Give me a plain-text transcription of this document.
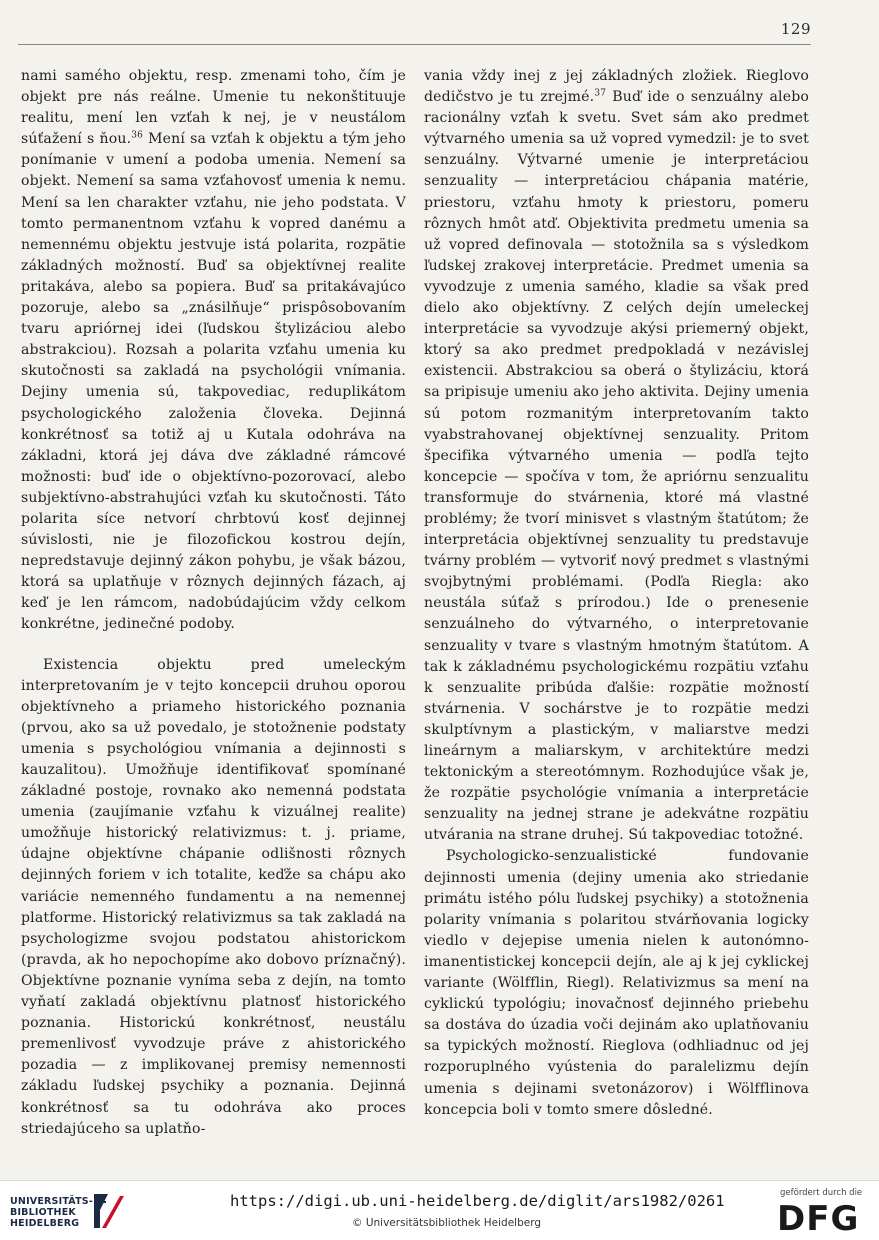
129

nami samého objektu, resp. zmenami toho, čím je objekt pre nás reálne. Umenie tu nekonštituuje realitu, mení len vzťah k nej, je v neustálom súťažení s ňou.$^{36}$ Mení sa vzťah k objektu a tým jeho ponímanie v umení a podoba umenia. Nemení sa objekt. Nemení sa sama vzťahovosť umenia k nemu. Mení sa len charakter vzťahu, nie jeho podstata. V tomto permanentnom vzťahu k vopred danému a nemennému objektu jestvuje istá polarita, rozpätie základných možností. Buď sa objektívnej realite pritakáva, alebo sa popiera. Buď sa pritakávajúco pozoruje, alebo sa „znásilňuje“ prispôsobovaním tvaru apriórnej idei (ľudskou štylizáciou alebo abstrakciou). Rozsah a polarita vzťahu umenia ku skutočnosti sa zakladá na psychológii vnímania. Dejiny umenia sú, takpovediac, reduplikátom psychologického založenia človeka. Dejinná konkrétnosť sa totiž aj u Kutala odohráva na základni, ktorá jej dáva dve základné rámcové možnosti: buď ide o objektívno-pozorovací, alebo subjektívno-abstrahujúci vzťah ku skutočnosti. Táto polarita síce netvorí chrbtovú kosť dejinnej súvislosti, nie je filozofickou kostrou dejín, nepredstavuje dejinný zákon pohybu, je však bázou, ktorá sa uplatňuje v rôznych dejinných fázach, aj keď je len rámcom, nadobúdajúcim vždy celkom konkrétne, jedinečné podoby.

Existencia objektu pred umeleckým interpretovaním je v tejto koncepcii druhou oporou objektívneho a priameho historického poznania (prvou, ako sa už povedalo, je stotožnenie podstaty umenia s psychológiou vnímania a dejinnosti s kauzalitou). Umožňuje identifikovať spomínané základné postoje, rovnako ako nemenná podstata umenia (zaujímanie vzťahu k vizuálnej realite) umožňuje historický relativizmus: t. j. priame, údajne objektívne chápanie odlišnosti rôznych dejinných foriem v ich totalite, keďže sa chápu ako variácie nemenného fundamentu a na nemennej platforme. Historický relativizmus sa tak zakladá na psychologizme svojou podstatou ahistorickom (pravda, ak ho nepochopíme ako dobovo príznačný). Objektívne poznanie vyníma seba z dejín, na tomto vyňatí zakladá objektívnu platnosť historického poznania. Historickú konkrétnosť, neustálu premenlivosť vyvodzuje práve z ahistorického pozadia — z implikovanej premisy nemennosti základu ľudskej psychiky a poznania. Dejinná konkrétnosť sa tu odohráva ako proces striedajúceho sa uplatňo-

vania vždy inej z jej základných zložiek. Rieglovo dedičstvo je tu zrejmé.$^{37}$ Buď ide o senzuálny alebo racionálny vzťah k svetu. Svet sám ako predmet výtvarného umenia sa už vopred vymedzil: je to svet senzuálny. Výtvarné umenie je interpretáciou senzuality — interpretáciou chápania matérie, priestoru, vzťahu hmoty k priestoru, pomeru rôznych hmôt atď. Objektivita predmetu umenia sa už vopred definovala — stotožnila sa s výsledkom ľudskej zrakovej interpretácie. Predmet umenia sa vyvodzuje z umenia samého, kladie sa však pred dielo ako objektívny. Z celých dejín umeleckej interpretácie sa vyvodzuje akýsi priemerný objekt, ktorý sa ako predmet predpokladá v nezávislej existencii. Abstrakciou sa oberá o štylizáciu, ktorá sa pripisuje umeniu ako jeho aktivita. Dejiny umenia sú potom rozmanitým interpretovaním takto vyabstrahovanej objektívnej senzuality. Pritom špecifika výtvarného umenia — podľa tejto koncepcie — spočíva v tom, že apriórnu senzualitu transformuje do stvárnenia, ktoré má vlastné problémy; že tvorí minisvet s vlastným štatútom; že interpretácia objektívnej senzuality tu predstavuje tvárny problém — vytvoriť nový predmet s vlastnými svojbytnými problémami. (Podľa Riegla: ako neustála súťaž s prírodou.) Ide o prenesenie senzuálneho do výtvarného, o interpretovanie senzuality v tvare s vlastným hmotným štatútom. A tak k základnému psychologickému rozpätiu vzťahu k senzualite pribúda ďalšie: rozpätie možností stvárnenia. V sochárstve je to rozpätie medzi skulptívnym a plastickým, v maliarstve medzi lineárnym a maliarskym, v architektúre medzi tektonickým a stereotómnym. Rozhodujúce však je, že rozpätie psychológie vnímania a interpretácie senzuality na jednej strane je adekvátne rozpätiu utvárania na strane druhej. Sú takpovediac totožné.

Psychologicko-senzualistické fundovanie dejinnosti umenia (dejiny umenia ako striedanie primátu istého pólu ľudskej psychiky) a stotožnenia polarity vnímania s polaritou stvárňovania logicky viedlo v dejepise umenia nielen k autonómno-imanentistickej koncepcii dejín, ale aj k jej cyklickej variante (Wölfflin, Riegl). Relativizmus sa mení na cyklickú typológiu; inovačnosť dejinného priebehu sa dostáva do úzadia voči dejinám ako uplatňovaniu sa typických možností. Rieglova (odhliadnuc od jej rozporuplného vyústenia do paralelizmu dejín umenia s dejinami svetonázorov) i Wölfflinova koncepcia boli v tomto smere dôsledné.

UNIVERSITÄTS-
BIBLIOTHEK
HEIDELBERG
https://digi.ub.uni-heidelberg.de/diglit/ars1982/0261
© Universitätsbibliothek Heidelberg
gefördert durch die
DFG
